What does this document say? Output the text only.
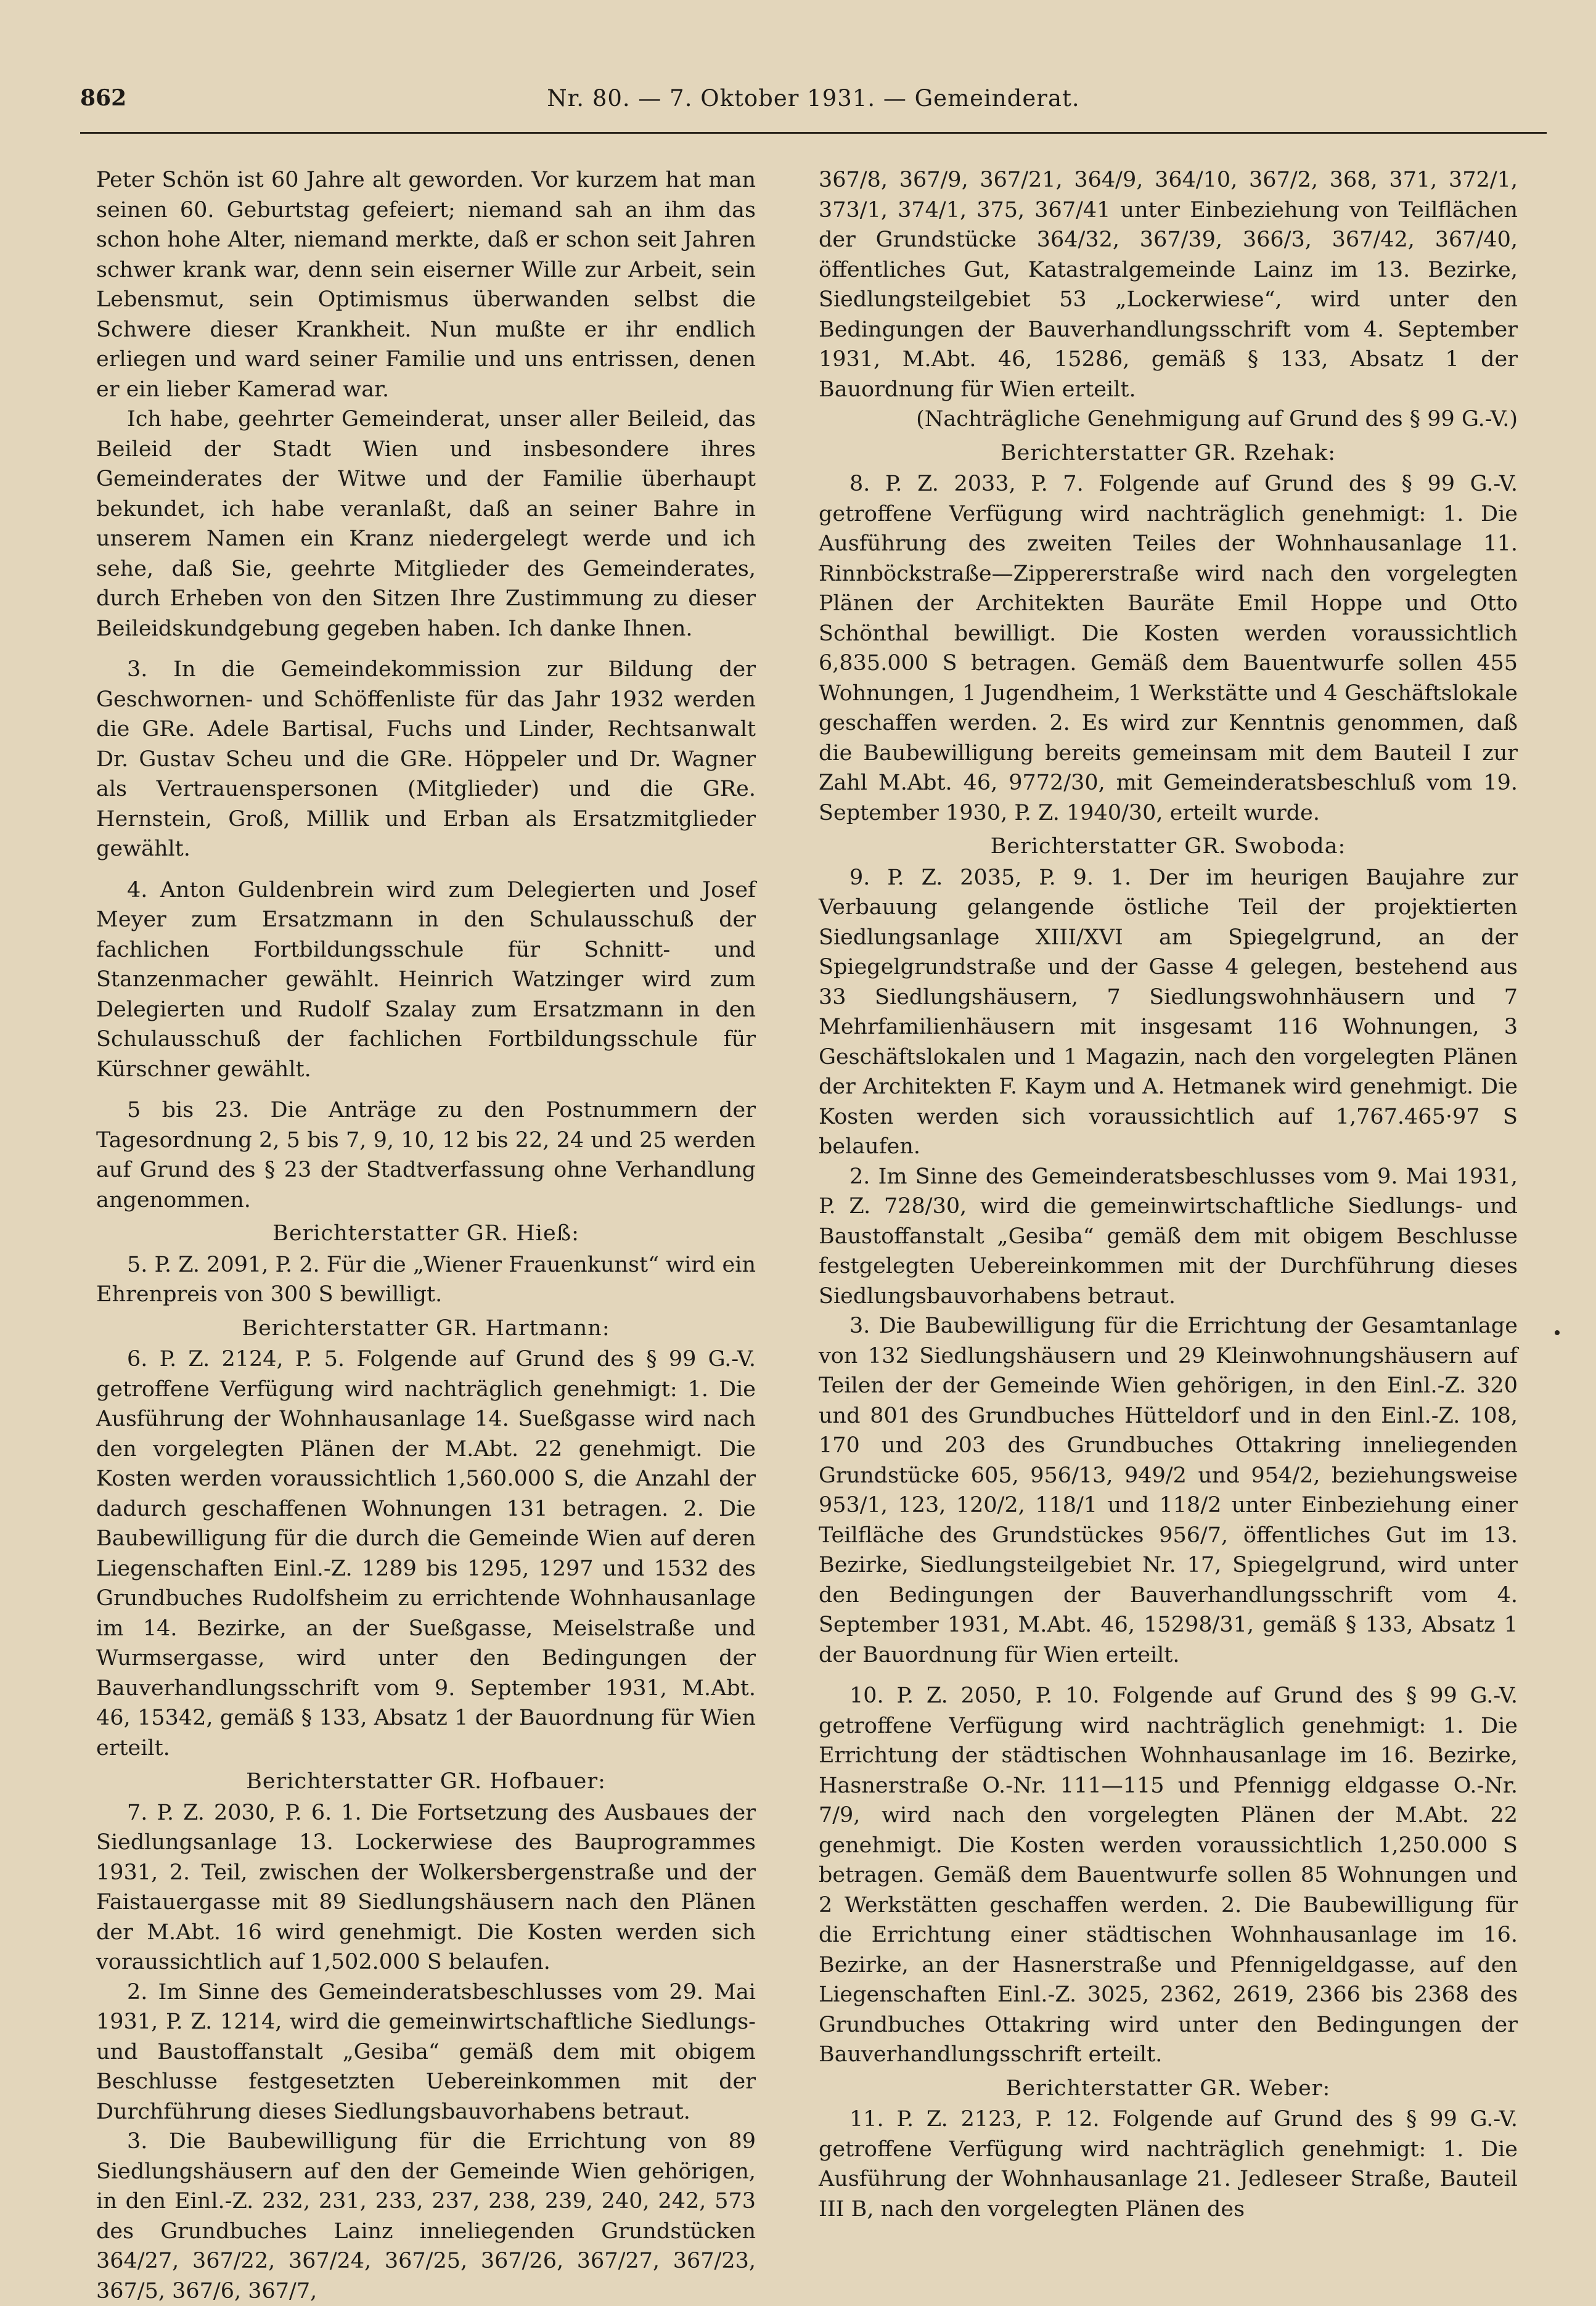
862	Nr. 80. — 7. Oktober 1931. — Gemeinderat.

Peter Schön ist 60 Jahre alt geworden. Vor kurzem hat man seinen 60. Geburtstag gefeiert; niemand sah an ihm das schon hohe Alter, niemand merkte, daß er schon seit Jahren schwer krank war, denn sein eiserner Wille zur Arbeit, sein Lebensmut, sein Optimismus überwanden selbst die Schwere dieser Krankheit. Nun mußte er ihr endlich erliegen und ward seiner Familie und uns entrissen, denen er ein lieber Kamerad war.

Ich habe, geehrter Gemeinderat, unser aller Beileid, das Beileid der Stadt Wien und insbesondere ihres Gemeinderates der Witwe und der Familie überhaupt bekundet, ich habe veranlaßt, daß an seiner Bahre in unserem Namen ein Kranz niedergelegt werde und ich sehe, daß Sie, geehrte Mitglieder des Gemeinderates, durch Erheben von den Sitzen Ihre Zustimmung zu dieser Beileidskundgebung gegeben haben. Ich danke Ihnen.

3. In die Gemeindekommission zur Bildung der Geschwornen- und Schöffenliste für das Jahr 1932 werden die GRe. Adele Bartisal, Fuchs und Linder, Rechtsanwalt Dr. Gustav Scheu und die GRe. Höppeler und Dr. Wagner als Vertrauenspersonen (Mitglieder) und die GRe. Hernstein, Groß, Millik und Erban als Ersatzmitglieder gewählt.

4. Anton Guldenbrein wird zum Delegierten und Josef Meyer zum Ersatzmann in den Schulausschuß der fachlichen Fortbildungsschule für Schnitt- und Stanzenmacher gewählt. Heinrich Watzinger wird zum Delegierten und Rudolf Szalay zum Ersatzmann in den Schulausschuß der fachlichen Fortbildungsschule für Kürschner gewählt.

5 bis 23. Die Anträge zu den Postnummern der Tagesordnung 2, 5 bis 7, 9, 10, 12 bis 22, 24 und 25 werden auf Grund des § 23 der Stadtverfassung ohne Verhandlung angenommen.

Berichterstatter GR. Hieß:

5. P. Z. 2091, P. 2. Für die „Wiener Frauenkunst“ wird ein Ehrenpreis von 300 S bewilligt.

Berichterstatter GR. Hartmann:

6. P. Z. 2124, P. 5. Folgende auf Grund des § 99 G.-V. getroffene Verfügung wird nachträglich genehmigt: 1. Die Ausführung der Wohnhausanlage 14. Sueßgasse wird nach den vorgelegten Plänen der M.Abt. 22 genehmigt. Die Kosten werden voraussichtlich 1,560.000 S, die Anzahl der dadurch geschaffenen Wohnungen 131 betragen. 2. Die Baubewilligung für die durch die Gemeinde Wien auf deren Liegenschaften Einl.-Z. 1289 bis 1295, 1297 und 1532 des Grundbuches Rudolfsheim zu errichtende Wohnhausanlage im 14. Bezirke, an der Sueßgasse, Meiselstraße und Wurmsergasse, wird unter den Bedingungen der Bauverhandlungsschrift vom 9. September 1931, M.Abt. 46, 15342, gemäß § 133, Absatz 1 der Bauordnung für Wien erteilt.

Berichterstatter GR. Hofbauer:

7. P. Z. 2030, P. 6. 1. Die Fortsetzung des Ausbaues der Siedlungsanlage 13. Lockerwiese des Bauprogrammes 1931, 2. Teil, zwischen der Wolkersbergenstraße und der Faistauergasse mit 89 Siedlungshäusern nach den Plänen der M.Abt. 16 wird genehmigt. Die Kosten werden sich voraussichtlich auf 1,502.000 S belaufen.

2. Im Sinne des Gemeinderatsbeschlusses vom 29. Mai 1931, P. Z. 1214, wird die gemeinwirtschaftliche Siedlungs- und Baustoffanstalt „Gesiba“ gemäß dem mit obigem Beschlusse festgesetzten Uebereinkommen mit der Durchführung dieses Siedlungsbauvorhabens betraut.

3. Die Baubewilligung für die Errichtung von 89 Siedlungshäusern auf den der Gemeinde Wien gehörigen, in den Einl.-Z. 232, 231, 233, 237, 238, 239, 240, 242, 573 des Grundbuches Lainz inneliegenden Grundstücken 364/27, 367/22, 367/24, 367/25, 367/26, 367/27, 367/23, 367/5, 367/6, 367/7,

367/8, 367/9, 367/21, 364/9, 364/10, 367/2, 368, 371, 372/1, 373/1, 374/1, 375, 367/41 unter Einbeziehung von Teilflächen der Grundstücke 364/32, 367/39, 366/3, 367/42, 367/40, öffentliches Gut, Katastralgemeinde Lainz im 13. Bezirke, Siedlungsteilgebiet 53 „Lockerwiese“, wird unter den Bedingungen der Bauverhandlungsschrift vom 4. September 1931, M.Abt. 46, 15286, gemäß § 133, Absatz 1 der Bauordnung für Wien erteilt.

(Nachträgliche Genehmigung auf Grund des § 99 G.-V.)

Berichterstatter GR. Rzehak:

8. P. Z. 2033, P. 7. Folgende auf Grund des § 99 G.-V. getroffene Verfügung wird nachträglich genehmigt: 1. Die Ausführung des zweiten Teiles der Wohnhausanlage 11. Rinnböckstraße—Zippererstraße wird nach den vorgelegten Plänen der Architekten Bauräte Emil Hoppe und Otto Schönthal bewilligt. Die Kosten werden voraussichtlich 6,835.000 S betragen. Gemäß dem Bauentwurfe sollen 455 Wohnungen, 1 Jugendheim, 1 Werkstätte und 4 Geschäftslokale geschaffen werden. 2. Es wird zur Kenntnis genommen, daß die Baubewilligung bereits gemeinsam mit dem Bauteil I zur Zahl M.Abt. 46, 9772/30, mit Gemeinderatsbeschluß vom 19. September 1930, P. Z. 1940/30, erteilt wurde.

Berichterstatter GR. Swoboda:

9. P. Z. 2035, P. 9. 1. Der im heurigen Baujahre zur Verbauung gelangende östliche Teil der projektierten Siedlungsanlage XIII/XVI am Spiegelgrund, an der Spiegelgrundstraße und der Gasse 4 gelegen, bestehend aus 33 Siedlungshäusern, 7 Siedlungswohnhäusern und 7 Mehrfamilienhäusern mit insgesamt 116 Wohnungen, 3 Geschäftslokalen und 1 Magazin, nach den vorgelegten Plänen der Architekten F. Kaym und A. Hetmanek wird genehmigt. Die Kosten werden sich voraussichtlich auf 1,767.465·97 S belaufen.

2. Im Sinne des Gemeinderatsbeschlusses vom 9. Mai 1931, P. Z. 728/30, wird die gemeinwirtschaftliche Siedlungs- und Baustoffanstalt „Gesiba“ gemäß dem mit obigem Beschlusse festgelegten Uebereinkommen mit der Durchführung dieses Siedlungsbauvorhabens betraut.

3. Die Baubewilligung für die Errichtung der Gesamtanlage von 132 Siedlungshäusern und 29 Kleinwohnungshäusern auf Teilen der der Gemeinde Wien gehörigen, in den Einl.-Z. 320 und 801 des Grundbuches Hütteldorf und in den Einl.-Z. 108, 170 und 203 des Grundbuches Ottakring inneliegenden Grundstücke 605, 956/13, 949/2 und 954/2, beziehungsweise 953/1, 123, 120/2, 118/1 und 118/2 unter Einbeziehung einer Teilfläche des Grundstückes 956/7, öffentliches Gut im 13. Bezirke, Siedlungsteilgebiet Nr. 17, Spiegelgrund, wird unter den Bedingungen der Bauverhandlungsschrift vom 4. September 1931, M.Abt. 46, 15298/31, gemäß § 133, Absatz 1 der Bauordnung für Wien erteilt.

10. P. Z. 2050, P. 10. Folgende auf Grund des § 99 G.-V. getroffene Verfügung wird nachträglich genehmigt: 1. Die Errichtung der städtischen Wohnhausanlage im 16. Bezirke, Hasnerstraße O.-Nr. 111—115 und Pfennigg eldgasse O.-Nr. 7/9, wird nach den vorgelegten Plänen der M.Abt. 22 genehmigt. Die Kosten werden voraussichtlich 1,250.000 S betragen. Gemäß dem Bauentwurfe sollen 85 Wohnungen und 2 Werkstätten geschaffen werden. 2. Die Baubewilligung für die Errichtung einer städtischen Wohnhausanlage im 16. Bezirke, an der Hasnerstraße und Pfennigeldgasse, auf den Liegenschaften Einl.-Z. 3025, 2362, 2619, 2366 bis 2368 des Grundbuches Ottakring wird unter den Bedingungen der Bauverhandlungsschrift erteilt.

Berichterstatter GR. Weber:

11. P. Z. 2123, P. 12. Folgende auf Grund des § 99 G.-V. getroffene Verfügung wird nachträglich genehmigt: 1. Die Ausführung der Wohnhausanlage 21. Jedleseer Straße, Bauteil III B, nach den vorgelegten Plänen des
